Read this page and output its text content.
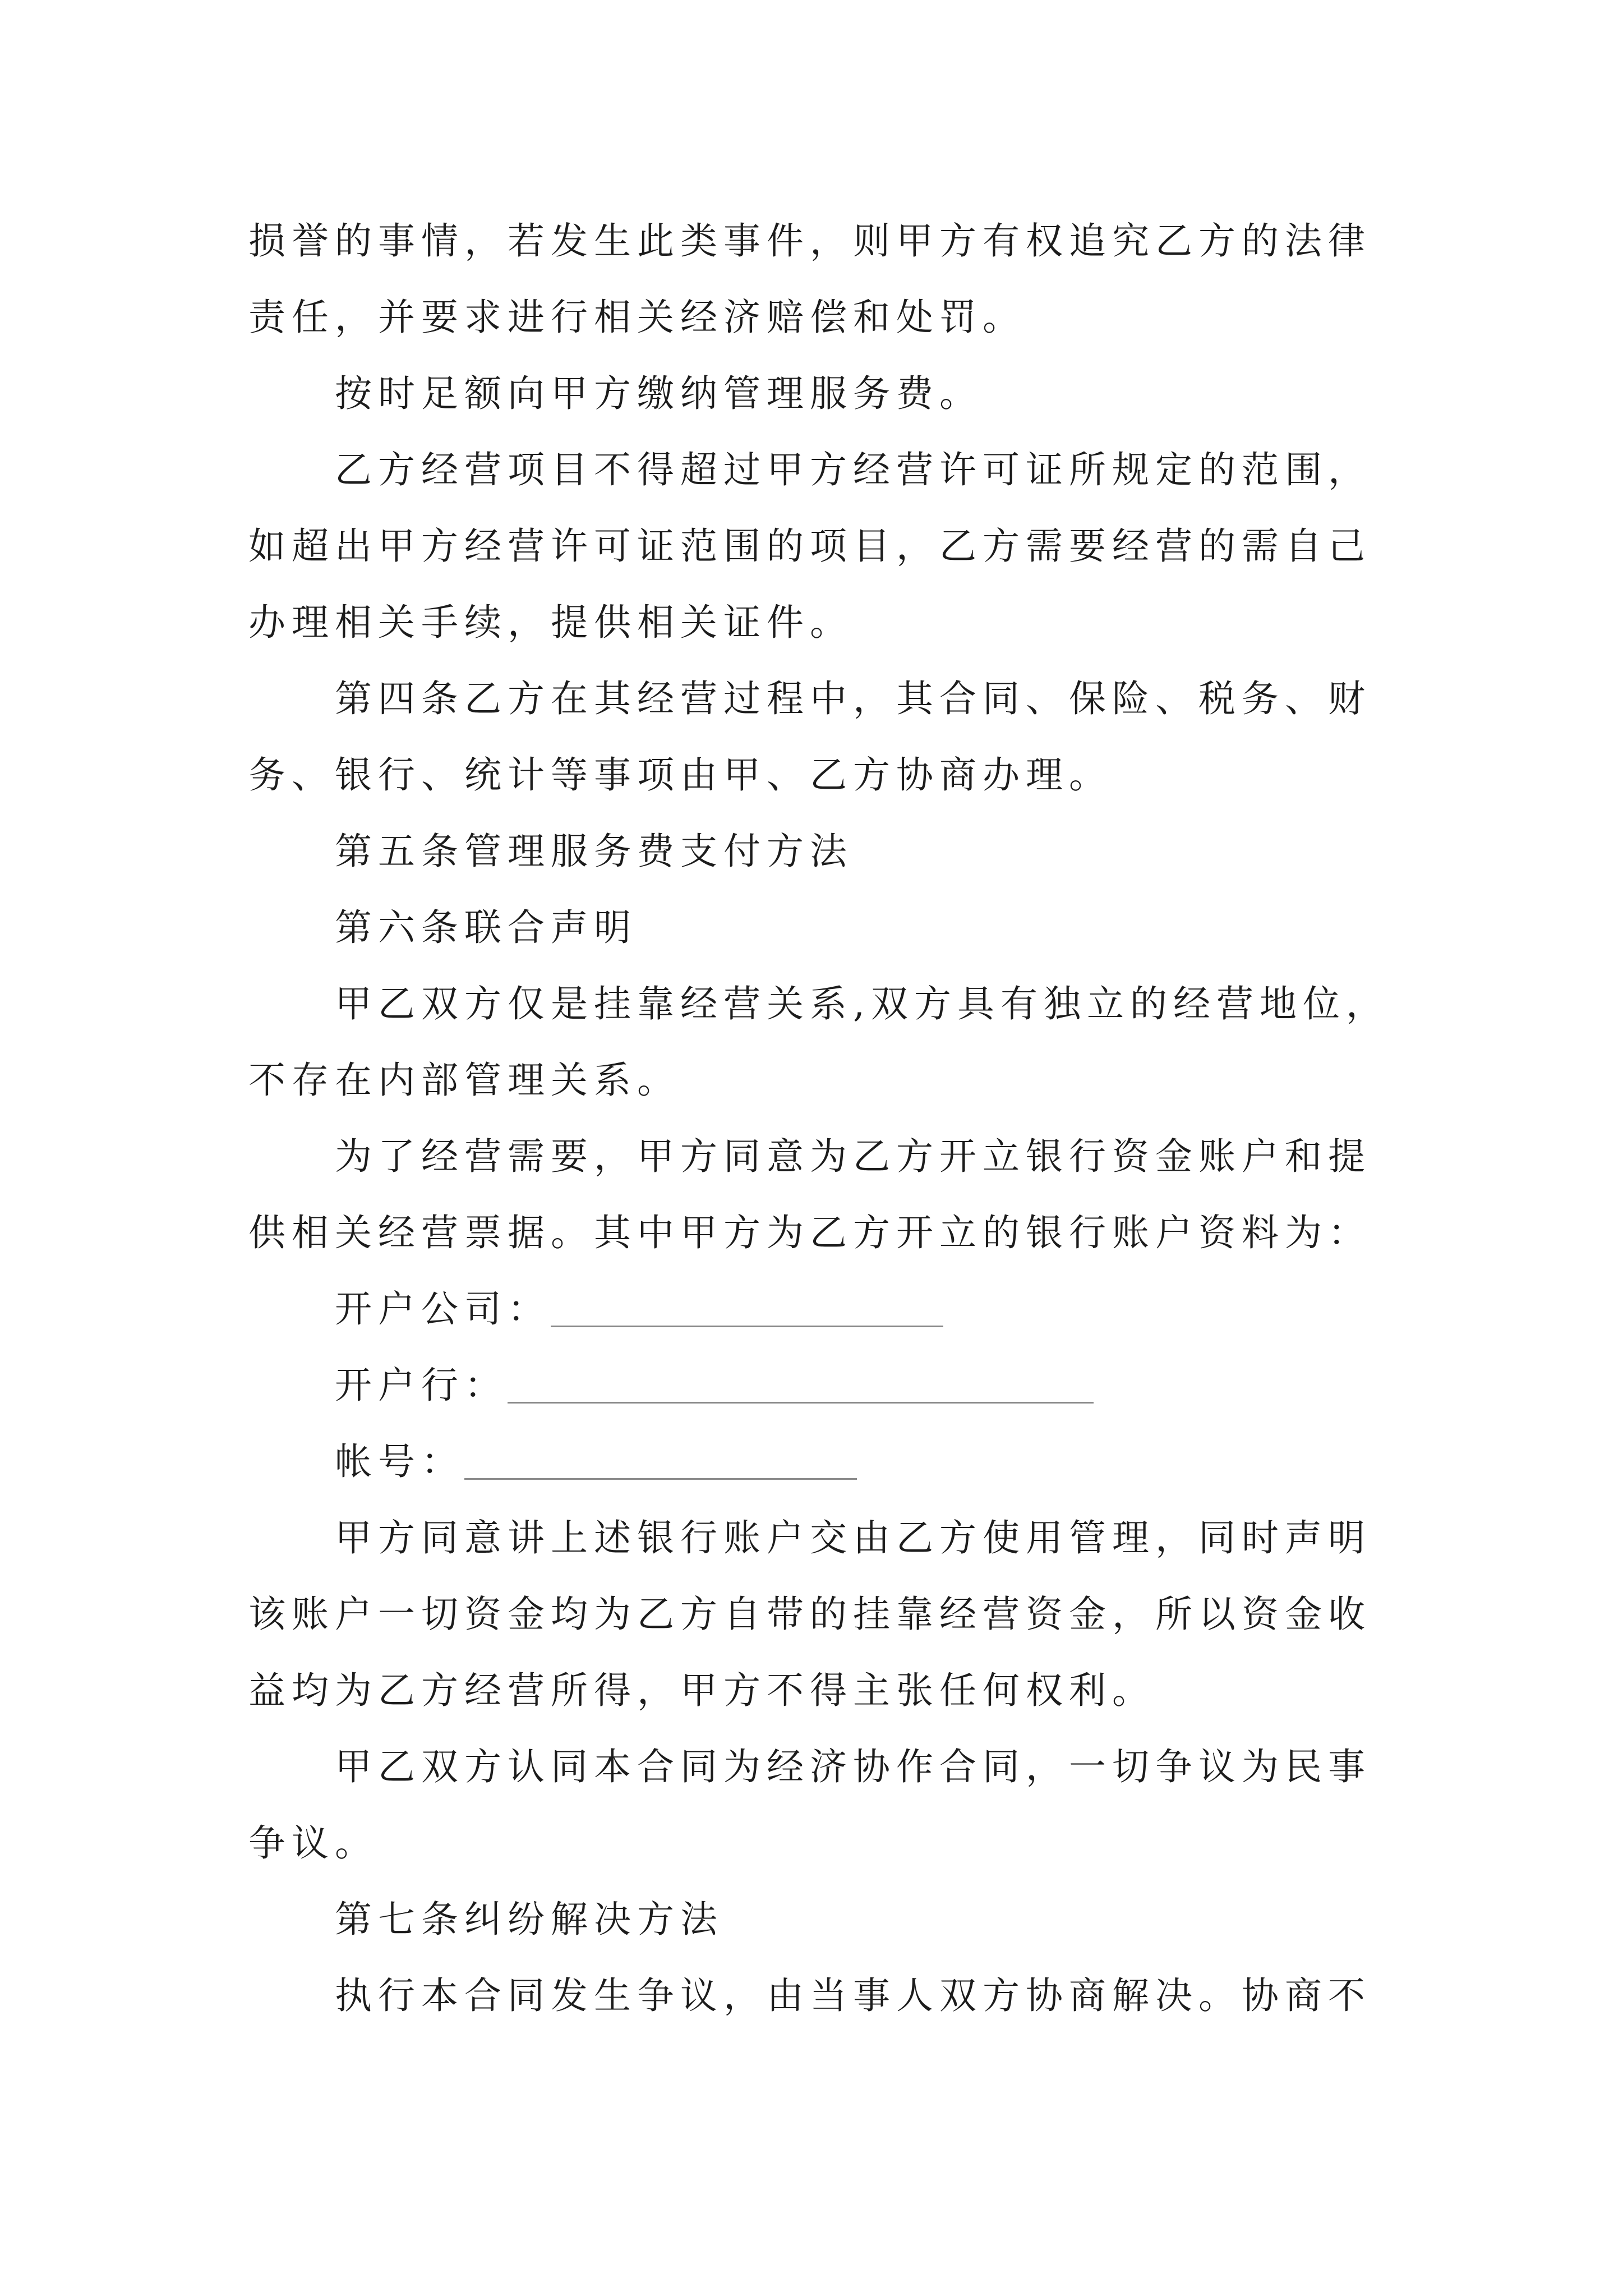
损誉的事情，若发生此类事件，则甲方有权追究乙方的法律
责任，并要求进行相关经济赔偿和处罚。
按时足额向甲方缴纳管理服务费。
乙方经营项目不得超过甲方经营许可证所规定的范围，
如超出甲方经营许可证范围的项目，乙方需要经营的需自己
办理相关手续，提供相关证件。
第四条乙方在其经营过程中，其合同、保险、税务、财
务、银行、统计等事项由甲、乙方协商办理。
第五条管理服务费支付方法
第六条联合声明
甲乙双方仅是挂靠经营关系,双方具有独立的经营地位，
不存在内部管理关系。
为了经营需要，甲方同意为乙方开立银行资金账户和提
供相关经营票据。其中甲方为乙方开立的银行账户资料为：
开户公司：
开户行：
帐号：
甲方同意讲上述银行账户交由乙方使用管理，同时声明
该账户一切资金均为乙方自带的挂靠经营资金，所以资金收
益均为乙方经营所得，甲方不得主张任何权利。
甲乙双方认同本合同为经济协作合同，一切争议为民事
争议。
第七条纠纷解决方法
执行本合同发生争议，由当事人双方协商解决。协商不
